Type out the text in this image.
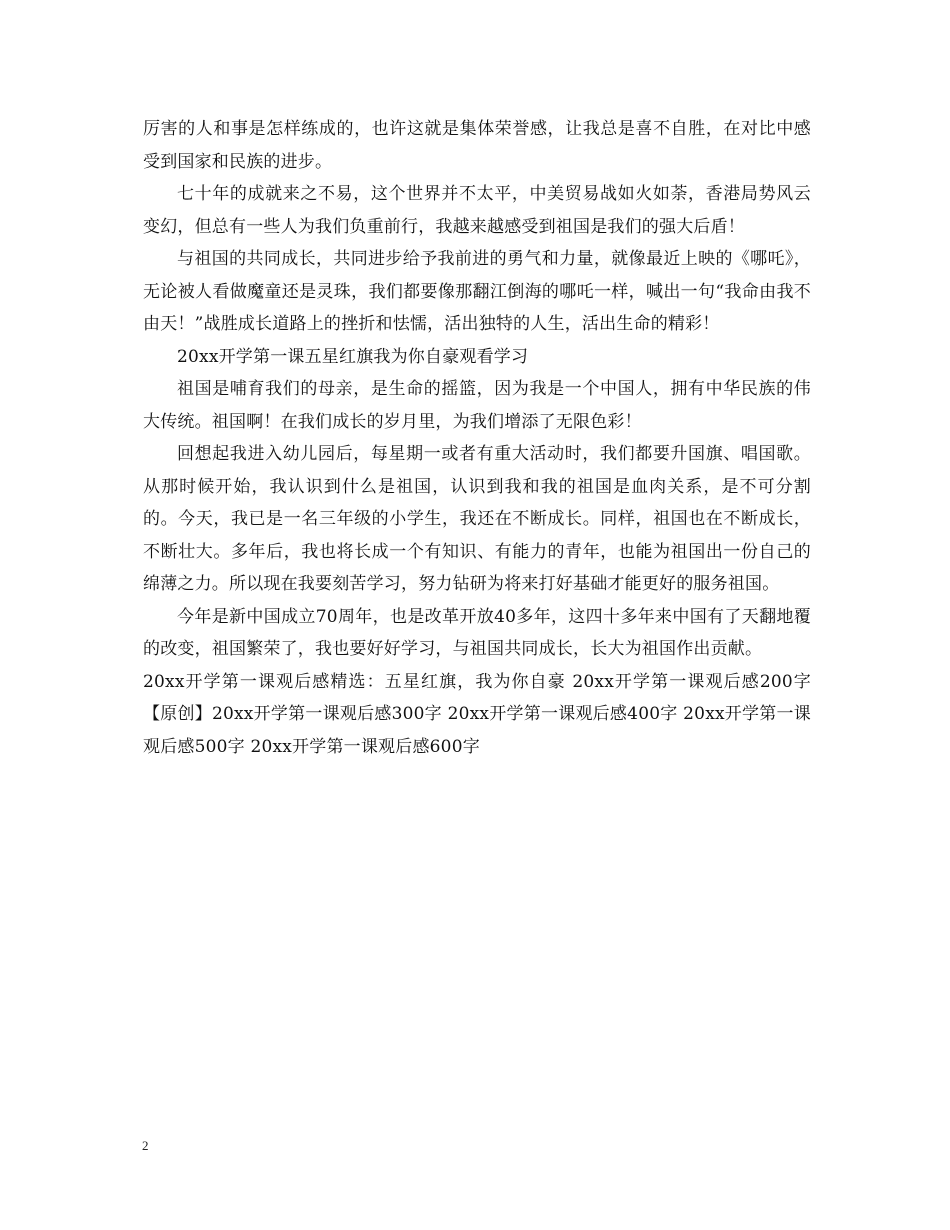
厉害的人和事是怎样练成的，也许这就是集体荣誉感，让我总是喜不自胜，在对比中感受到国家和民族的进步。

七十年的成就来之不易，这个世界并不太平，中美贸易战如火如荼，香港局势风云变幻，但总有一些人为我们负重前行，我越来越感受到祖国是我们的强大后盾！

与祖国的共同成长，共同进步给予我前进的勇气和力量，就像最近上映的《哪吒》，无论被人看做魔童还是灵珠，我们都要像那翻江倒海的哪吒一样，喊出一句“我命由我不由天！”战胜成长道路上的挫折和怯懦，活出独特的人生，活出生命的精彩！

20xx开学第一课五星红旗我为你自豪观看学习

祖国是哺育我们的母亲，是生命的摇篮，因为我是一个中国人，拥有中华民族的伟大传统。祖国啊！在我们成长的岁月里，为我们增添了无限色彩！

回想起我进入幼儿园后，每星期一或者有重大活动时，我们都要升国旗、唱国歌。从那时候开始，我认识到什么是祖国，认识到我和我的祖国是血肉关系，是不可分割的。今天，我已是一名三年级的小学生，我还在不断成长。同样，祖国也在不断成长，不断壮大。多年后，我也将长成一个有知识、有能力的青年，也能为祖国出一份自己的绵薄之力。所以现在我要刻苦学习，努力钻研为将来打好基础才能更好的服务祖国。

今年是新中国成立70周年，也是改革开放40多年，这四十多年来中国有了天翻地覆的改变，祖国繁荣了，我也要好好学习，与祖国共同成长，长大为祖国作出贡献。

20xx开学第一课观后感精选：五星红旗，我为你自豪 20xx开学第一课观后感200字【原创】20xx开学第一课观后感300字 20xx开学第一课观后感400字 20xx开学第一课观后感500字 20xx开学第一课观后感600字

2
